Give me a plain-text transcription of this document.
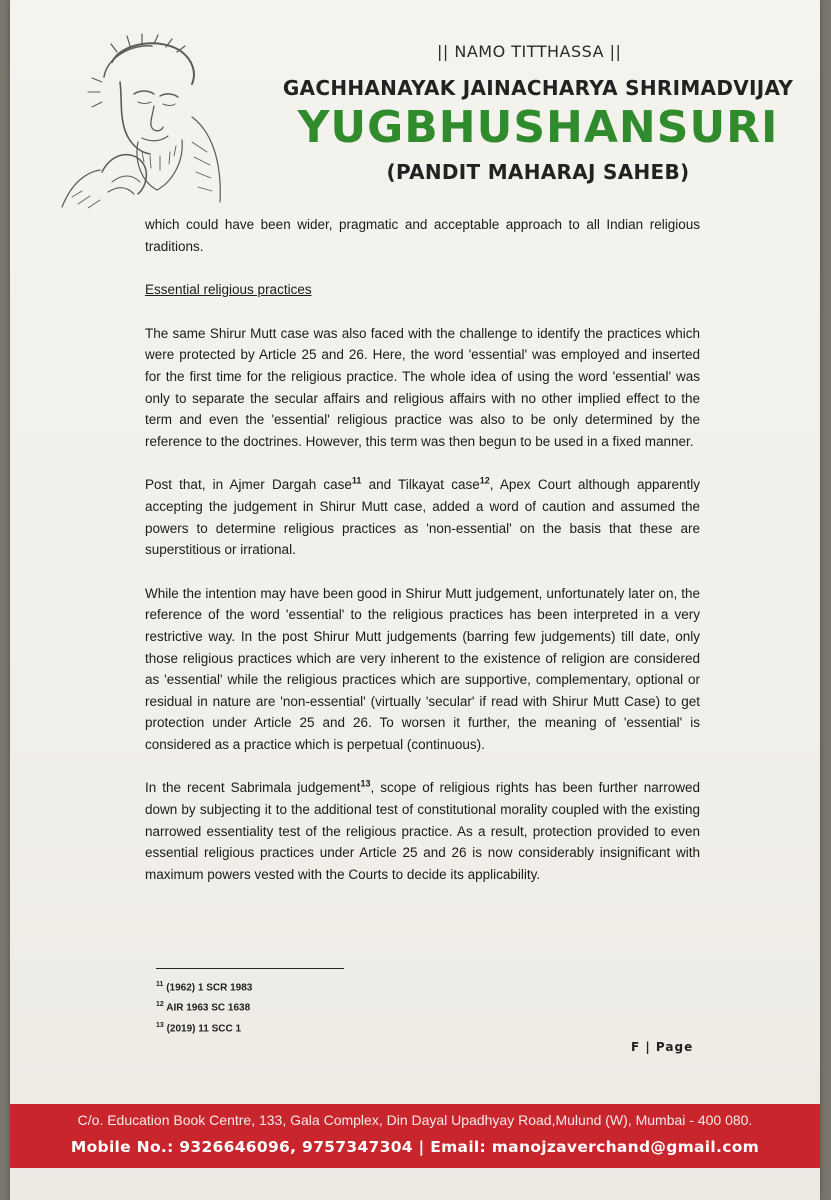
|| NAMO TITTHASSA ||
GACHHANAYAK JAINACHARYA SHRIMADVIJAY
YUGBHUSHANSURI
(PANDIT MAHARAJ SAHEB)

which could have been wider, pragmatic and acceptable approach to all Indian religious traditions.

Essential religious practices

The same Shirur Mutt case was also faced with the challenge to identify the practices which were protected by Article 25 and 26. Here, the word 'essential' was employed and inserted for the first time for the religious practice. The whole idea of using the word 'essential' was only to separate the secular affairs and religious affairs with no other implied effect to the term and even the 'essential' religious practice was also to be only determined by the reference to the doctrines. However, this term was then begun to be used in a fixed manner.

Post that, in Ajmer Dargah case$^{11}$ and Tilkayat case$^{12}$, Apex Court although apparently accepting the judgement in Shirur Mutt case, added a word of caution and assumed the powers to determine religious practices as 'non-essential' on the basis that these are superstitious or irrational.

While the intention may have been good in Shirur Mutt judgement, unfortunately later on, the reference of the word 'essential' to the religious practices has been interpreted in a very restrictive way. In the post Shirur Mutt judgements (barring few judgements) till date, only those religious practices which are very inherent to the existence of religion are considered as 'essential' while the religious practices which are supportive, complementary, optional or residual in nature are 'non-essential' (virtually 'secular' if read with Shirur Mutt Case) to get protection under Article 25 and 26. To worsen it further, the meaning of 'essential' is considered as a practice which is perpetual (continuous).

In the recent Sabrimala judgement$^{13}$, scope of religious rights has been further narrowed down by subjecting it to the additional test of constitutional morality coupled with the existing narrowed essentiality test of the religious practice. As a result, protection provided to even essential religious practices under Article 25 and 26 is now considerably insignificant with maximum powers vested with the Courts to decide its applicability.

$^{11}$ (1962) 1 SCR 1983
$^{12}$ AIR 1963 SC 1638
$^{13}$ (2019) 11 SCC 1
F | Page
C/o. Education Book Centre, 133, Gala Complex, Din Dayal Upadhyay Road,Mulund (W), Mumbai - 400 080.
Mobile No.: 9326646096, 9757347304 | Email: manojzaverchand@gmail.com
